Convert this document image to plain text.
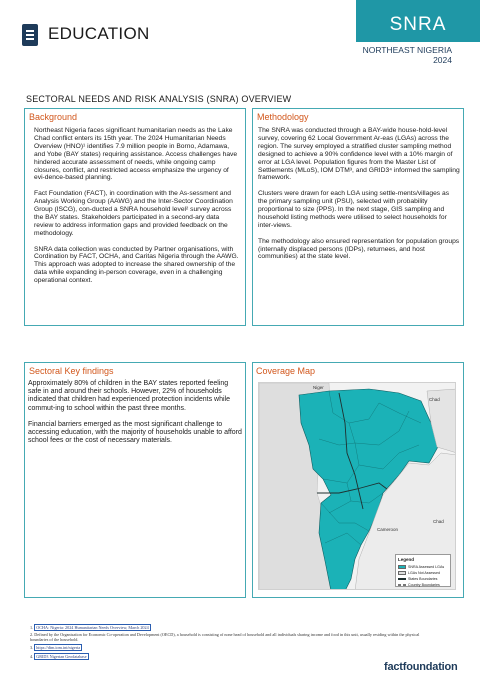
EDUCATION	SNRA
NORTHEAST NIGERIA
2024
SECTORAL NEEDS AND RISK ANALYSIS (SNRA) OVERVIEW
Background

Northeast Nigeria faces significant humanitarian needs as the Lake Chad conflict enters its 15th year. The 2024 Humanitarian Needs Overview (HNO)¹ identifies 7.9 million people in Borno, Adamawa, and Yobe (BAY states) requiring assistance. Access challenges have hindered accurate assessment of needs, while ongoing camp closures, conflict, and restricted access emphasize the urgency of evi-dence-based planning.

Fact Foundation (FACT), in coordination with the As-sessment and Analysis Working Group (AAWG) and the Inter-Sector Coordination Group (ISCG), con-ducted a SNRA household level² survey across the BAY states. Stakeholders participated in a second-ary data review to address information gaps and provided feedback on the methodology.

SNRA data collection was conducted by Partner organisations, with Cordination by FACT, OCHA, and Caritas Nigeria through the AAWG. This approach was adopted to increase the shared ownership of the data while expanding in-person coverage, even in a challenging operational context.

Methodology

The SNRA was conducted through a BAY-wide house-hold-level survey, covering 62 Local Government Ar-eas (LGAs) across the region. The survey employed a stratified cluster sampling method designed to achieve a 90% confidence level with a 10% margin of error at LGA level. Population figures from the Master List of Settlements (MLoS), IOM DTM³, and GRID3⁴ informed the sampling framework.

Clusters were drawn for each LGA using settle-ments/villages as the primary sampling unit (PSU), selected with probability proportional to size (PPS). In the next stage, GIS sampling and household listing methods were utilised to select households for inter-views.

The methodology also ensured representation for population groups (internally displaced persons (IDPs), returnees, and host communities) at the state level.

Sectoral Key findings

Approximately 80% of children in the BAY states reported feeling safe in and around their schools. However, 22% of households indicated that children had experienced protection incidents while commut-ing to school within the past three months.

Financial barriers emerged as the most significant challenge to accessing education, with the majority of households unable to afford school fees or the cost of necessary materials.

Coverage Map
Niger
Chad
Cameroon
Chad
Legend
SNRA Assessed LGAs
LGAs Not Assessed
States Boundaries
Country Boundaries
1. OCHA: Nigeria: 2024 Humanitarian Needs Overview, March 2024
2. Defined by the Organisation for Economic Co-operation and Development (OECD), a household is consisting of none head of household and all individuals sharing income and food in this unit, usually residing within the physical boundaries of the household.
3. https://dtm.iom.int/nigeria
4. GRID3 Nigerian Geodatabase
factfoundation
